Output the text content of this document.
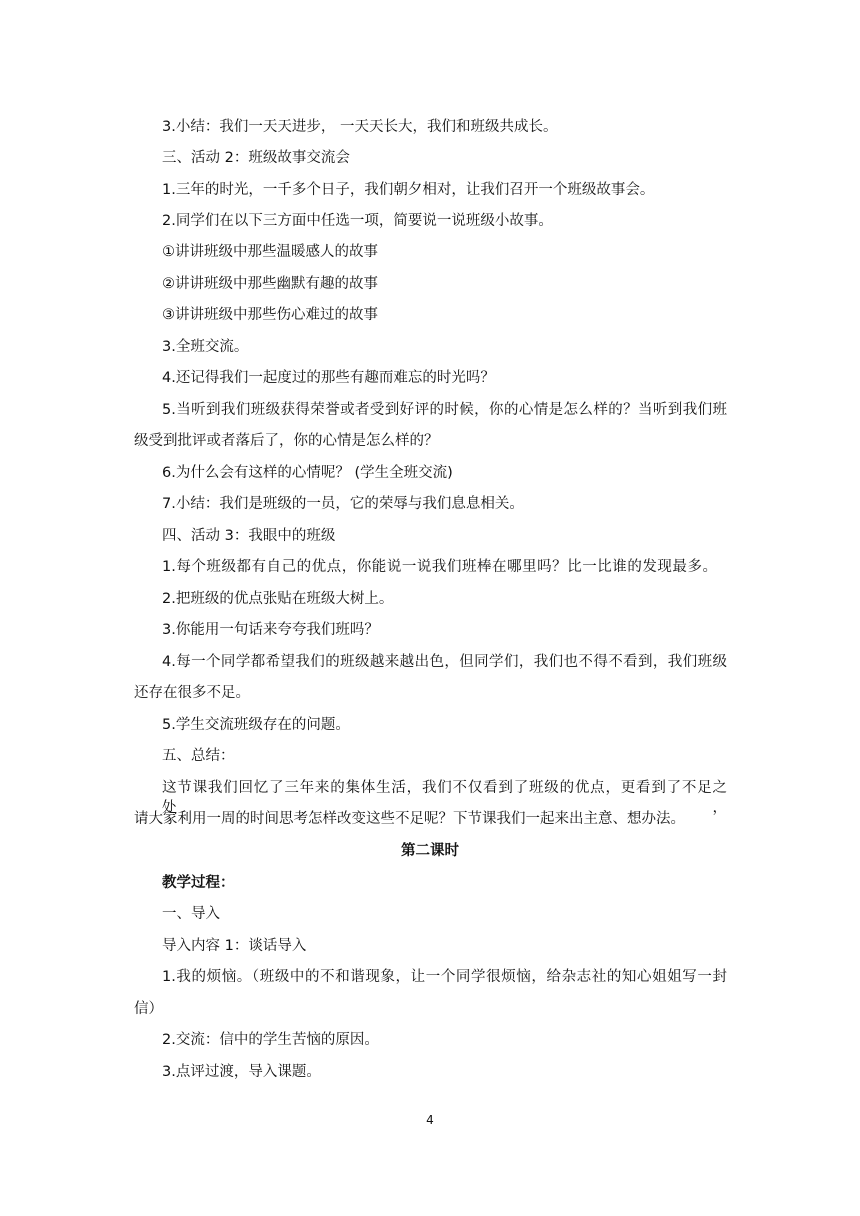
3.小结：我们一天天进步， 一天天长大，我们和班级共成长。
三、活动 2：班级故事交流会
1.三年的时光，一千多个日子，我们朝夕相对，让我们召开一个班级故事会。
2.同学们在以下三方面中任选一项，简要说一说班级小故事。
①讲讲班级中那些温暖感人的故事
②讲讲班级中那些幽默有趣的故事
③讲讲班级中那些伤心难过的故事
3.全班交流。
4.还记得我们一起度过的那些有趣而难忘的时光吗？
5.当听到我们班级获得荣誉或者受到好评的时候，你的心情是怎么样的？当听到我们班
级受到批评或者落后了，你的心情是怎么样的？
6.为什么会有这样的心情呢？ (学生全班交流)
7.小结：我们是班级的一员，它的荣辱与我们息息相关。
四、活动 3：我眼中的班级
1.每个班级都有自己的优点，你能说一说我们班棒在哪里吗？比一比谁的发现最多。
2.把班级的优点张贴在班级大树上。
3.你能用一句话来夸夸我们班吗？
4.每一个同学都希望我们的班级越来越出色，但同学们，我们也不得不看到，我们班级
还存在很多不足。
5.学生交流班级存在的问题。
五、总结：
这节课我们回忆了三年来的集体生活，我们不仅看到了班级的优点，更看到了不足之处，
请大家利用一周的时间思考怎样改变这些不足呢？下节课我们一起来出主意、想办法。
第二课时
教学过程：
一、导入
导入内容 1：谈话导入
1.我的烦恼。（班级中的不和谐现象，让一个同学很烦恼，给杂志社的知心姐姐写一封
信）
2.交流：信中的学生苦恼的原因。
3.点评过渡，导入课题。
4
